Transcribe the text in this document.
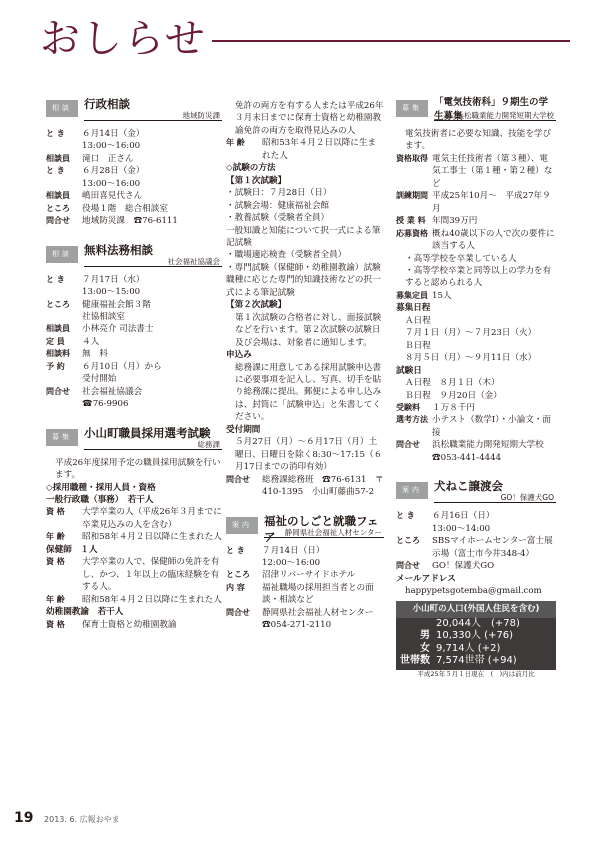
おしらせ
相談	行政相談
地域防災課
と き	６月14日（金）
13:00〜16:00
相談員	滝口　正さん
と き	６月28日（金）
13:00〜16:00
相談員	嶋田喜見代さん
ところ	役場１階　総合相談室
問合せ	地域防災課　☎76-6111
相談	無料法務相談
社会福祉協議会
と き	７月17日（水）
13:00〜15:00
ところ	健康福祉会館３階
社協相談室
相談員	小林亮介 司法書士
定 員	４人
相談料	無　料
予 約	６月10日（月）から
受付開始
問合せ	社会福祉協議会
☎76-9906
募集	小山町職員採用選考試験
総務課
平成26年度採用予定の職員採用試験を行います。
◇採用職種・採用人員・資格
一般行政職（事務）　若干人
資 格	大学卒業の人（平成26年３月までに卒業見込みの人を含む）
年 齢	昭和58年４月２日以降に生まれた人
保健師　１人
資 格	大学卒業の人で、保健師の免許を有し、かつ、１年以上の臨床経験を有する人。
年 齢	昭和58年４月２日以降に生まれた人
幼稚園教諭　若干人
資 格	保育士資格と幼稚園教諭
免許の両方を有する人または平成26年３月末日までに保育士資格と幼稚園教諭免許の両方を取得見込みの人
年 齢	昭和53年４月２日以降に生まれた人
◇試験の方法
【第１次試験】
・試験日：７月28日（日）
・試験会場：健康福祉会館
・教養試験（受験者全員）
一般知識と知能について択一式による筆記試験
・職場適応検査（受験者全員）
・専門試験（保健師・幼稚園教諭）試験職種に応じた専門的知識技術などの択一式による筆記試験
【第２次試験】
第１次試験の合格者に対し、面接試験などを行います。第２次試験の試験日及び会場は、対象者に通知します。
申込み
総務課に用意してある採用試験申込書に必要事項を記入し、写真、切手を貼り総務課に提出。郵便による申し込みは、封筒に「試験申込」と朱書してください。
受付期間
５月27日（月）〜６月17日（月）土曜日、日曜日を除く8:30〜17:15（６月17日までの消印有効）
問合せ	総務課総務班　☎76-6131　〒410-1395　小山町藤曲57-2
案内	福祉のしごと就職フェア	静岡県社会福祉人材センター
と き	７月14日（日）
12:00〜16:00
ところ	沼津リバーサイドホテル
内 容	福祉職場の採用担当者との面談・相談など
問合せ	静岡県社会福祉人材センター　☎054-271-2110
募集	「電気技術科」９期生の学生募集
浜松職業能力開発短期大学校
電気技術者に必要な知識、技能を学びます。
資格取得 電気主任技術者（第３種）、電気工事士（第１種・第２種）など
訓練期間 平成25年10月〜　平成27年９月
授 業 料 年間39万円
応募資格 概ね40歳以下の人で次の要件に該当する人
・高等学校を卒業している人
・高等学校卒業と同等以上の学力を有すると認められる人
募集定員 15人
募集日程
Ａ日程
７月１日（月）〜７月23日（火）
Ｂ日程
８月５日（月）〜９月11日（水）
試験日
Ａ日程　８月１日（木）
Ｂ日程　９月20日（金）
受験料	１万８千円
選考方法 小テスト（数学Ⅰ）・小論文・面接
問合せ	浜松職業能力開発短期大学校　☎053-441-4444
案内	犬ねこ譲渡会
GO！保護犬GO
と き	６月16日（日）
13:00〜14:00
ところ	SBSマイホームセンター富士展示場（富士市今井348-4）
問合せ	GO！保護犬GO
メールアドレス
happypetsgotemba@gmail.com
小山町の人口(外国人住民を含む)
20,044人　(+78)
男 10,330人 (+76)
女 9,714人 (+2)
世帯数 7,574世帯 (+94)
平成25年５月１日現在　(　)内は前月比
19 2013. 6. 広報おやま
